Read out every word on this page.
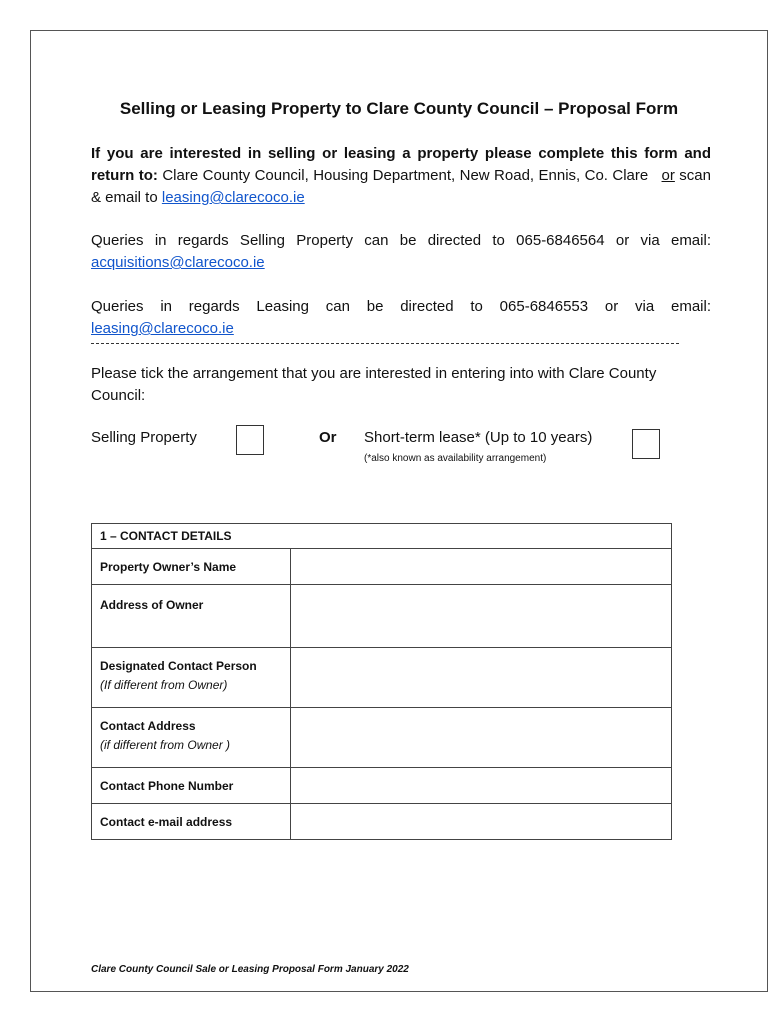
Selling or Leasing Property to Clare County Council – Proposal Form
If you are interested in selling or leasing a property please complete this form and return to: Clare County Council, Housing Department, New Road, Ennis, Co. Clare   or scan & email to leasing@clarecoco.ie
Queries in regards Selling Property can be directed to 065-6846564 or via email: acquisitions@clarecoco.ie
Queries in regards Leasing can be directed to 065-6846553 or via email: leasing@clarecoco.ie
Please tick the arrangement that you are interested in entering into with Clare County Council:
Selling Property	Or Short-term lease* (Up to 10 years)
(*also known as availability arrangement)
1 – CONTACT DETAILS	

Property Owner’s Name	

Address of Owner	

Designated Contact Person
(If different from Owner)	

Contact Address
(if different from Owner )	

Contact Phone Number	

Contact e-mail address	

Clare County Council Sale or Leasing Proposal Form January 2022
